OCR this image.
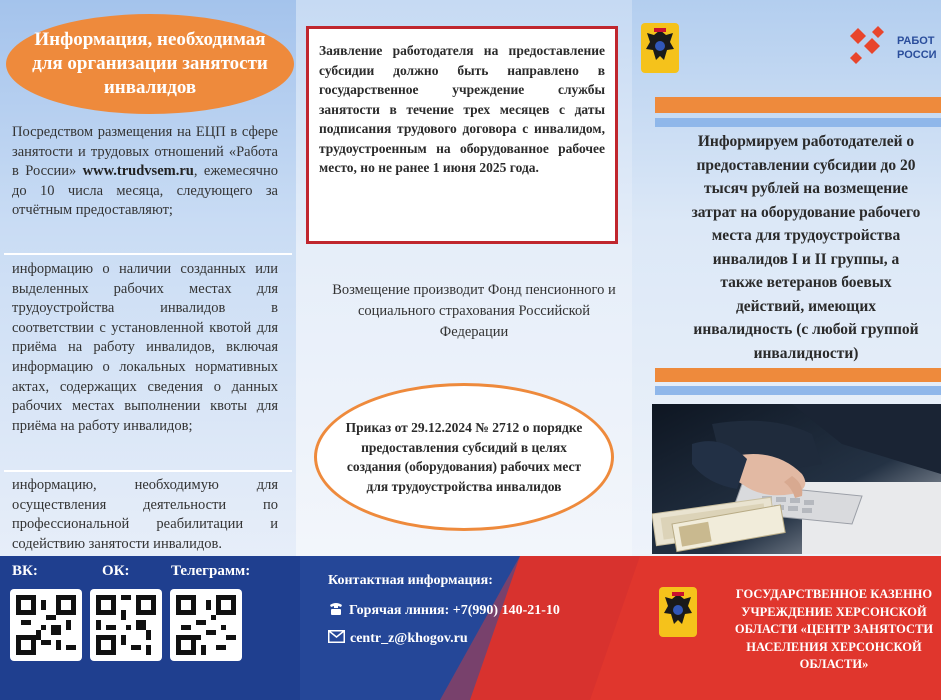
Информация, необходимая для организации занятости инвалидов
Посредством размещения на ЕЦП в сфере занятости и трудовых отношений «Работа в России» www.trudvsem.ru, ежемесячно до 10 числа месяца, следующего за отчётным предоставляют;
информацию о наличии созданных или выделенных рабочих местах для трудоустройства инвалидов в соответствии с установленной квотой для приёма на работу инвалидов, включая информацию о локальных нормативных актах, содержащих сведения о данных рабочих местах выполнении квоты для приёма на работу инвалидов;
информацию, необходимую для осуществления деятельности по профессиональной реабилитации и содействию занятости инвалидов.
Заявление работодателя на предоставление субсидии должно быть направлено в государственное учреждение службы занятости в течение трех месяцев с даты подписания трудового договора с инвалидом, трудоустроенным на оборудованное рабочее место, но не ранее 1 июня 2025 года.
Возмещение производит Фонд пенсионного и социального страхования Российской Федерации
Приказ от 29.12.2024 № 2712 о порядке предоставления субсидий в целях создания (оборудования) рабочих мест для трудоустройства инвалидов
РАБОТ
РОССИ
Информируем работодателей о
предоставлении субсидии до 20
тысяч рублей на возмещение
затрат на оборудование рабочего
места для трудоустройства
инвалидов I и II группы, а
также ветеранов боевых
действий, имеющих
инвалидность (с любой группой
инвалидности)
ВК:	ОК:	Телеграмм:
Контактная информация:
Горячая линия: +7(990) 140-21-10
centr_z@khogov.ru
ГОСУДАРСТВЕННОЕ КАЗЕННО
УЧРЕЖДЕНИЕ ХЕРСОНСКОЙ
ОБЛАСТИ «ЦЕНТР ЗАНЯТОСТИ
НАСЕЛЕНИЯ ХЕРСОНСКОЙ
ОБЛАСТИ»
